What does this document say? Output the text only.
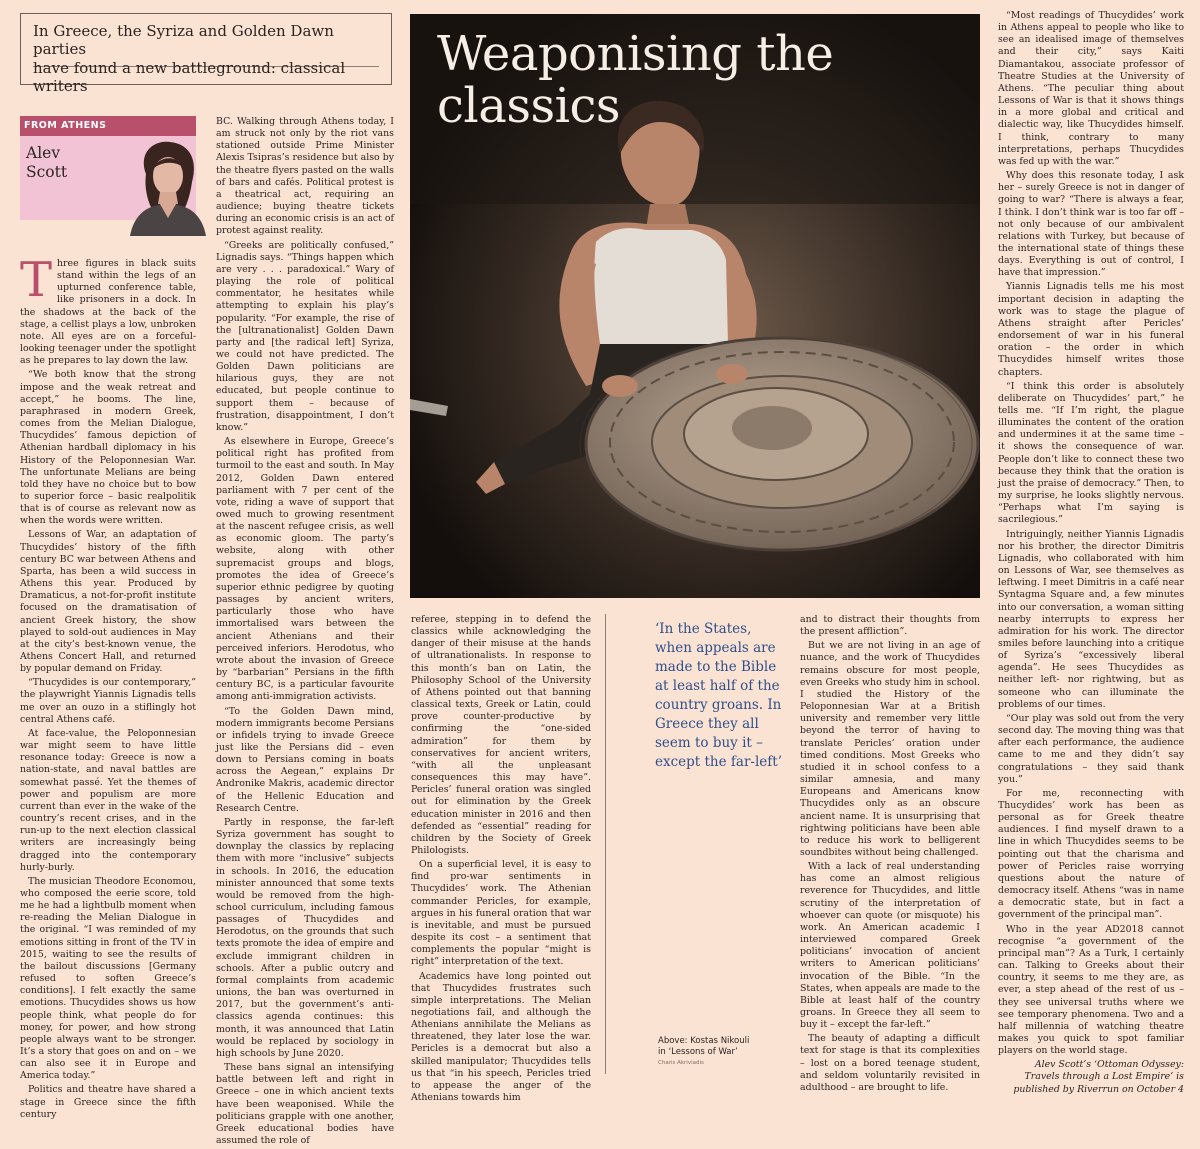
In Greece, the Syriza and Golden Dawn parties
have found a new battleground: classical writers
FROM ATHENS
Alev
Scott
Weaponising the
classics

Three figures in black suits stand within the legs of an upturned conference table, like prisoners in a dock. In the shadows at the back of the stage, a cellist plays a low, unbroken note. All eyes are on a forceful-looking teenager under the spotlight as he prepares to lay down the law.

“We both know that the strong impose and the weak retreat and accept,” he booms. The line, paraphrased in modern Greek, comes from the Melian Dialogue, Thucydides’ famous depiction of Athenian hardball diplomacy in his History of the Peloponnesian War. The unfortunate Melians are being told they have no choice but to bow to superior force – basic realpolitik that is of course as relevant now as when the words were written.

Lessons of War, an adaptation of Thucydides’ history of the fifth century BC war between Athens and Sparta, has been a wild success in Athens this year. Produced by Dramaticus, a not-for-profit institute focused on the dramatisation of ancient Greek history, the show played to sold-out audiences in May at the city’s best-known venue, the Athens Concert Hall, and returned by popular demand on Friday.

“Thucydides is our contemporary,” the playwright Yiannis Lignadis tells me over an ouzo in a stiflingly hot central Athens café.

At face-value, the Peloponnesian war might seem to have little resonance today: Greece is now a nation-state, and naval battles are somewhat passé. Yet the themes of power and populism are more current than ever in the wake of the country’s recent crises, and in the run-up to the next election classical writers are increasingly being dragged into the contemporary hurly-burly.

The musician Theodore Economou, who composed the eerie score, told me he had a lightbulb moment when re-reading the Melian Dialogue in the original. “I was reminded of my emotions sitting in front of the TV in 2015, waiting to see the results of the bailout discussions [Germany refused to soften Greece’s conditions]. I felt exactly the same emotions. Thucydides shows us how people think, what people do for money, for power, and how strong people always want to be stronger. It’s a story that goes on and on – we can also see it in Europe and America today.”

Politics and theatre have shared a stage in Greece since the fifth century

BC. Walking through Athens today, I am struck not only by the riot vans stationed outside Prime Minister Alexis Tsipras’s residence but also by the theatre flyers pasted on the walls of bars and cafés. Political protest is a theatrical act, requiring an audience; buying theatre tickets during an economic crisis is an act of protest against reality.

“Greeks are politically confused,” Lignadis says. “Things happen which are very . . . paradoxical.” Wary of playing the role of political commentator, he hesitates while attempting to explain his play’s popularity. “For example, the rise of the [ultranationalist] Golden Dawn party and [the radical left] Syriza, we could not have predicted. The Golden Dawn politicians are hilarious guys, they are not educated, but people continue to support them – because of frustration, disappointment, I don’t know.”

As elsewhere in Europe, Greece’s political right has profited from turmoil to the east and south. In May 2012, Golden Dawn entered parliament with 7 per cent of the vote, riding a wave of support that owed much to growing resentment at the nascent refugee crisis, as well as economic gloom. The party’s website, along with other supremacist groups and blogs, promotes the idea of Greece’s superior ethnic pedigree by quoting passages by ancient writers, particularly those who have immortalised wars between the ancient Athenians and their perceived inferiors. Herodotus, who wrote about the invasion of Greece by “barbarian” Persians in the fifth century BC, is a particular favourite among anti-immigration activists.

“To the Golden Dawn mind, modern immigrants become Persians or infidels trying to invade Greece just like the Persians did – even down to Persians coming in boats across the Aegean,” explains Dr Andronike Makris, academic director of the Hellenic Education and Research Centre.

Partly in response, the far-left Syriza government has sought to downplay the classics by replacing them with more “inclusive” subjects in schools. In 2016, the education minister announced that some texts would be removed from the high-school curriculum, including famous passages of Thucydides and Herodotus, on the grounds that such texts promote the idea of empire and exclude immigrant children in schools. After a public outcry and formal complaints from academic unions, the ban was overturned in 2017, but the government’s anti-classics agenda continues: this month, it was announced that Latin would be replaced by sociology in high schools by June 2020.

These bans signal an intensifying battle between left and right in Greece – one in which ancient texts have been weaponised. While the politicians grapple with one another, Greek educational bodies have assumed the role of

referee, stepping in to defend the classics while acknowledging the danger of their misuse at the hands of ultranationalists. In response to this month’s ban on Latin, the Philosophy School of the University of Athens pointed out that banning classical texts, Greek or Latin, could prove counter-productive by confirming the “one-sided admiration” for them by conservatives for ancient writers, “with all the unpleasant consequences this may have”. Pericles’ funeral oration was singled out for elimination by the Greek education minister in 2016 and then defended as “essential” reading for children by the Society of Greek Philologists.

On a superficial level, it is easy to find pro-war sentiments in Thucydides’ work. The Athenian commander Pericles, for example, argues in his funeral oration that war is inevitable, and must be pursued despite its cost – a sentiment that complements the popular “might is right” interpretation of the text.

Academics have long pointed out that Thucydides frustrates such simple interpretations. The Melian negotiations fail, and although the Athenians annihilate the Melians as threatened, they later lose the war. Pericles is a democrat but also a skilled manipulator; Thucydides tells us that “in his speech, Pericles tried to appease the anger of the Athenians towards him

‘In the States, when appeals are made to the Bible at least half of the country groans. In Greece they all seem to buy it – except the far-left’
Above: Kostas Nikouli
in ‘Lessons of War’
Charis Akriviadis

and to distract their thoughts from the present affliction”.

But we are not living in an age of nuance, and the work of Thucydides remains obscure for most people, even Greeks who study him in school. I studied the History of the Peloponnesian War at a British university and remember very little beyond the terror of having to translate Pericles’ oration under timed conditions. Most Greeks who studied it in school confess to a similar amnesia, and many Europeans and Americans know Thucydides only as an obscure ancient name. It is unsurprising that rightwing politicians have been able to reduce his work to belligerent soundbites without being challenged.

With a lack of real understanding has come an almost religious reverence for Thucydides, and little scrutiny of the interpretation of whoever can quote (or misquote) his work. An American academic I interviewed compared Greek politicians’ invocation of ancient writers to American politicians’ invocation of the Bible. “In the States, when appeals are made to the Bible at least half of the country groans. In Greece they all seem to buy it – except the far-left.”

The beauty of adapting a difficult text for stage is that its complexities – lost on a bored teenage student, and seldom voluntarily revisited in adulthood – are brought to life.

“Most readings of Thucydides’ work in Athens appeal to people who like to see an idealised image of themselves and their city,” says Kaiti Diamantakou, associate professor of Theatre Studies at the University of Athens. “The peculiar thing about Lessons of War is that it shows things in a more global and critical and dialectic way, like Thucydides himself. I think, contrary to many interpretations, perhaps Thucydides was fed up with the war.”

Why does this resonate today, I ask her – surely Greece is not in danger of going to war? “There is always a fear, I think. I don’t think war is too far off – not only because of our ambivalent relations with Turkey, but because of the international state of things these days. Everything is out of control, I have that impression.”

Yiannis Lignadis tells me his most important decision in adapting the work was to stage the plague of Athens straight after Pericles’ endorsement of war in his funeral oration – the order in which Thucydides himself writes those chapters.

“I think this order is absolutely deliberate on Thucydides’ part,” he tells me. “If I’m right, the plague illuminates the content of the oration and undermines it at the same time – it shows the consequence of war. People don’t like to connect these two because they think that the oration is just the praise of democracy.” Then, to my surprise, he looks slightly nervous. “Perhaps what I’m saying is sacrilegious.”

Intriguingly, neither Yiannis Lignadis nor his brother, the director Dimitris Lignadis, who collaborated with him on Lessons of War, see themselves as leftwing. I meet Dimitris in a café near Syntagma Square and, a few minutes into our conversation, a woman sitting nearby interrupts to express her admiration for his work. The director smiles before launching into a critique of Syriza’s “excessively liberal agenda”. He sees Thucydides as neither left- nor rightwing, but as someone who can illuminate the problems of our times.

“Our play was sold out from the very second day. The moving thing was that after each performance, the audience came to me and they didn’t say congratulations – they said thank you.”

For me, reconnecting with Thucydides’ work has been as personal as for Greek theatre audiences. I find myself drawn to a line in which Thucydides seems to be pointing out that the charisma and power of Pericles raise worrying questions about the nature of democracy itself. Athens “was in name a democratic state, but in fact a government of the principal man”.

Who in the year AD2018 cannot recognise “a government of the principal man”? As a Turk, I certainly can. Talking to Greeks about their country, it seems to me they are, as ever, a step ahead of the rest of us – they see universal truths where we see temporary phenomena. Two and a half millennia of watching theatre makes you quick to spot familiar players on the world stage.

Alev Scott’s ‘Ottoman Odyssey: Travels through a Lost Empire’ is published by Riverrun on October 4
